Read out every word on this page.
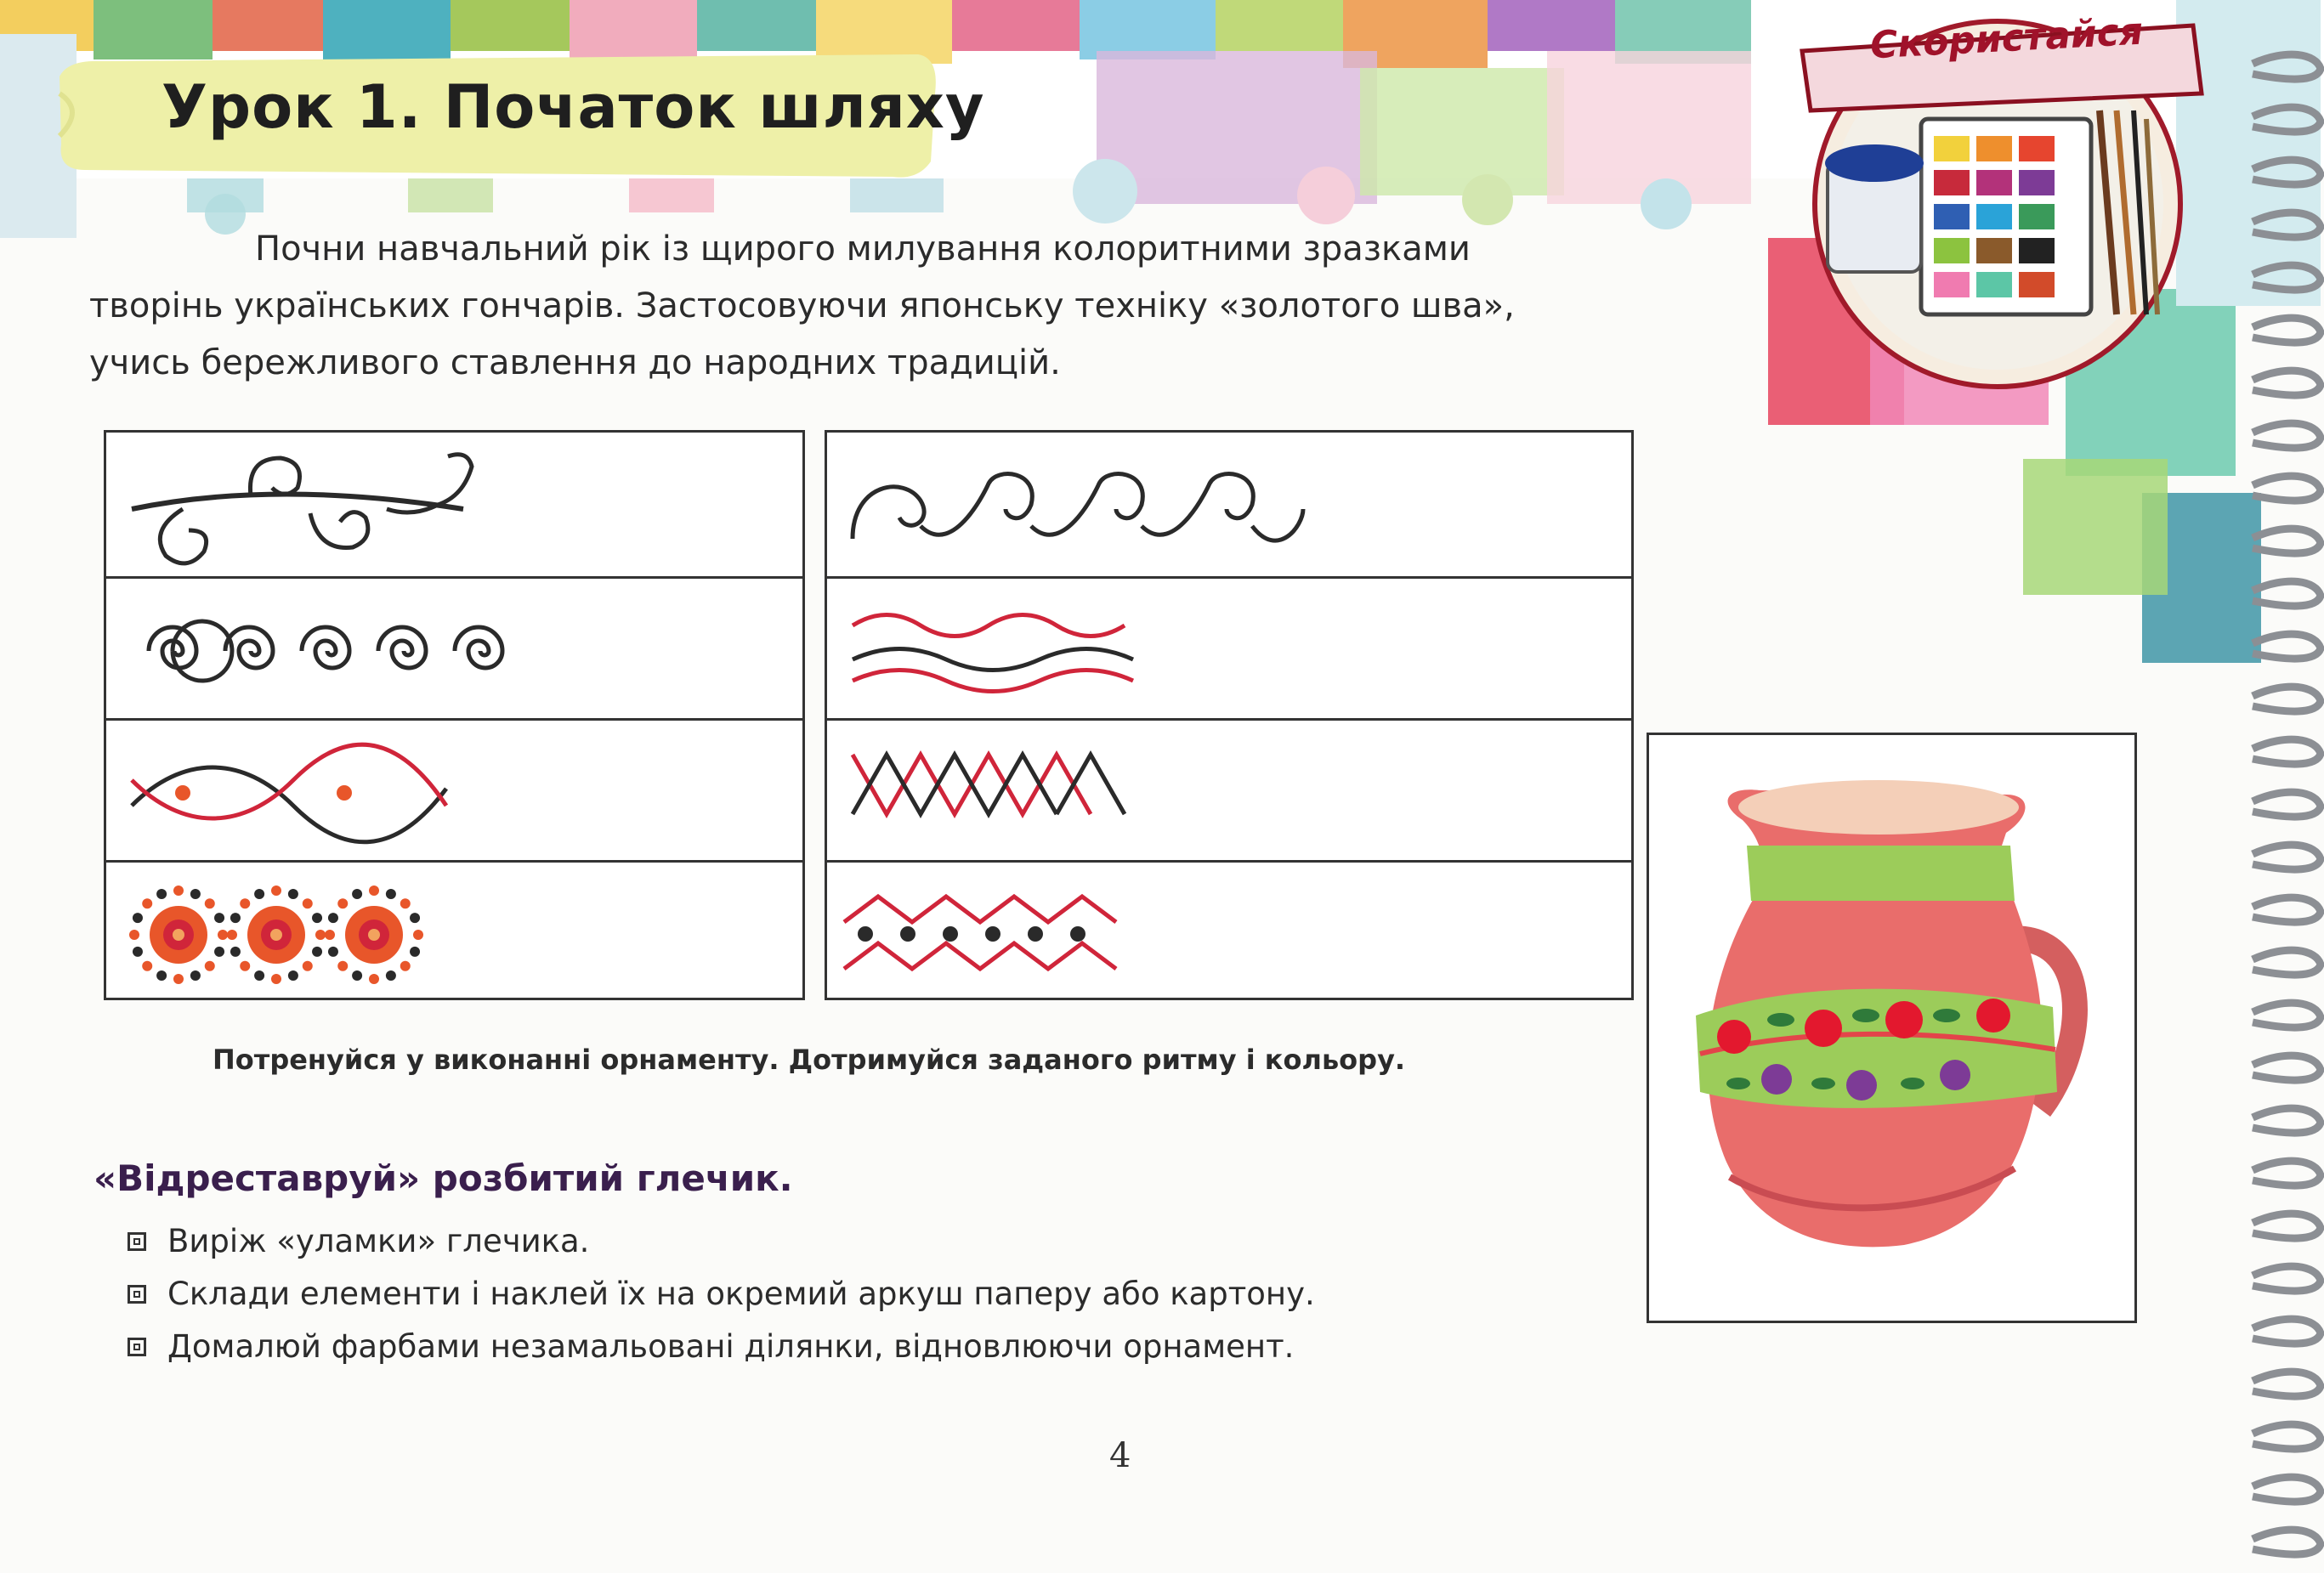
Урок 1. Початок шляху

Скористайся

Почни навчальний рік із щирого милування колоритними зразками
творінь українських гончарів. Застосовуючи японську техніку «золотого шва»,
учись бережливого ставлення до народних традицій.

Потренуйся у виконанні орнаменту. Дотримуйся заданого ритму і кольору.

«Відреставруй» розбитий глечик.
Виріж «уламки» глечика.
Склади елементи і наклей їх на окремий аркуш паперу або картону.
Домалюй фарбами незамальовані ділянки, відновлюючи орнамент.

4
